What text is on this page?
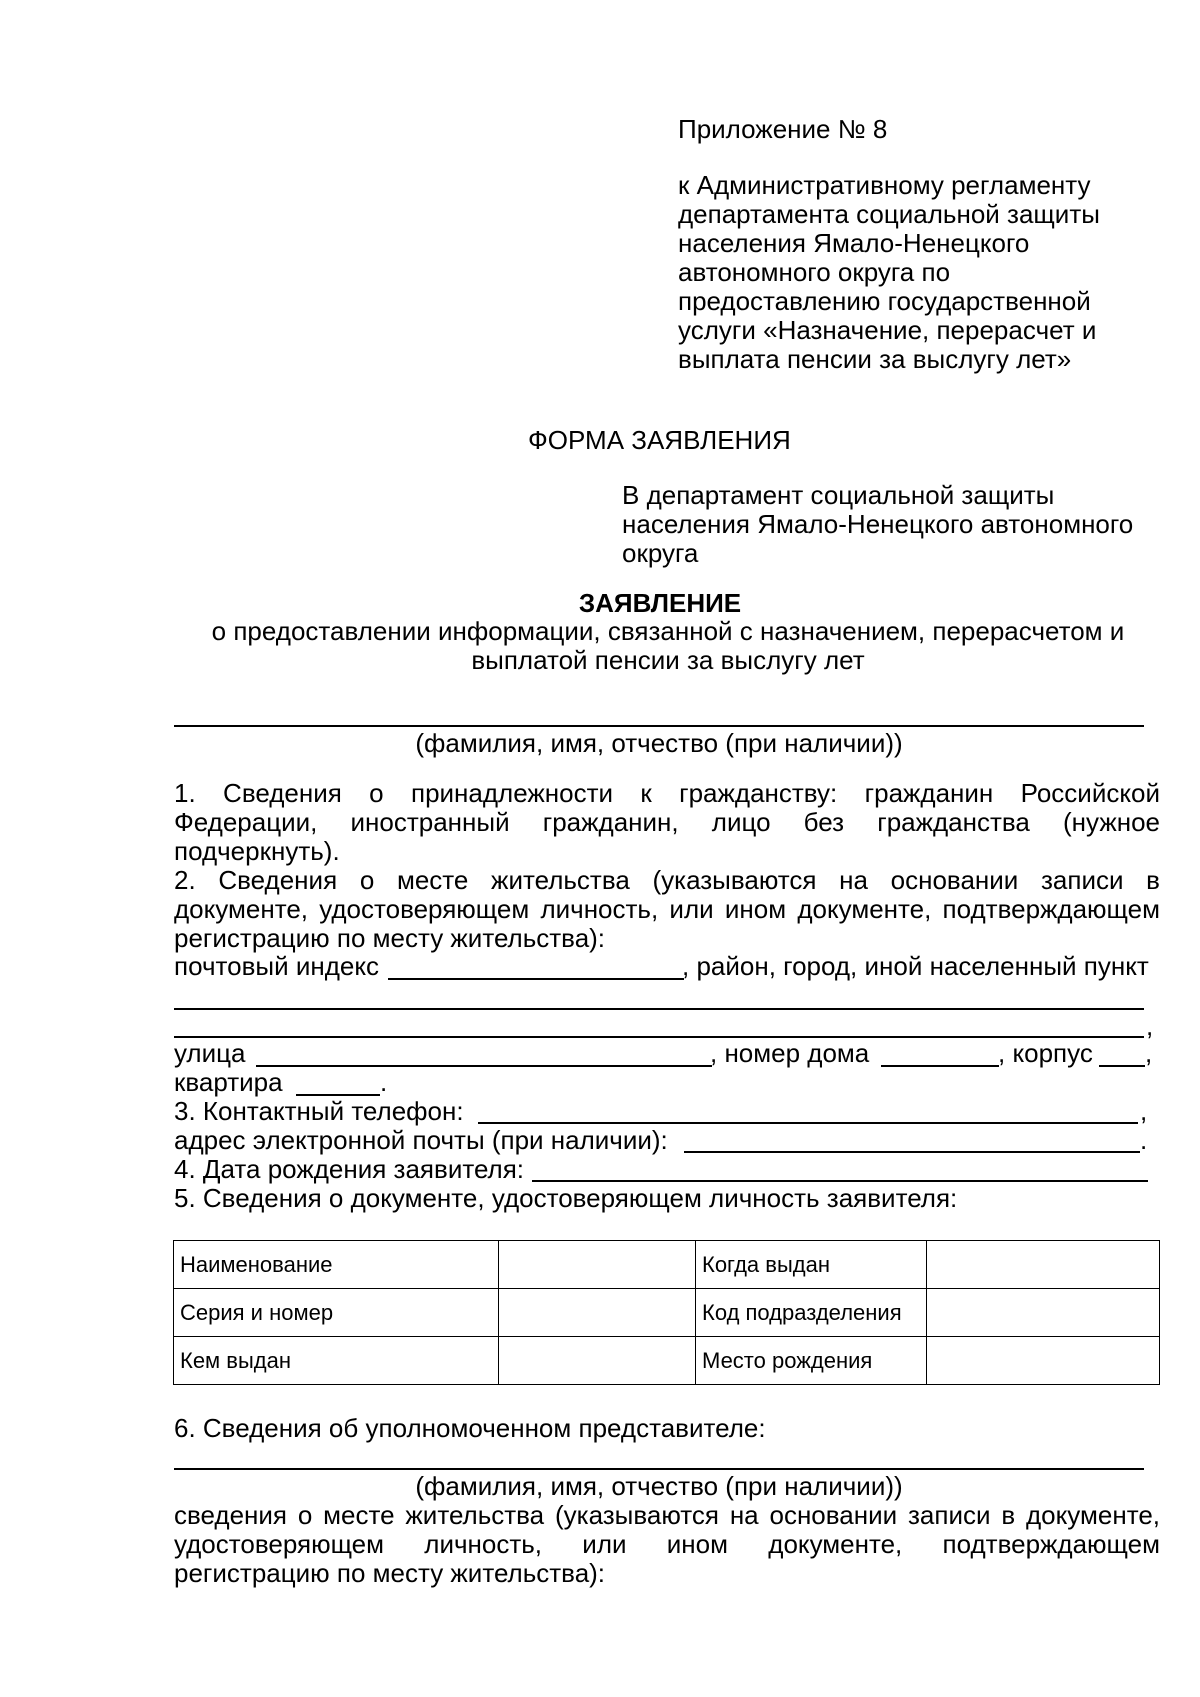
Приложение № 8
к Административному регламенту
департамента социальной защиты
населения Ямало-Ненецкого
автономного округа по
предоставлению государственной
услуги «Назначение, перерасчет и
выплата пенсии за выслугу лет»
ФОРМА ЗАЯВЛЕНИЯ
В департамент социальной защиты
населения Ямало-Ненецкого автономного
округа
ЗАЯВЛЕНИЕ
о предоставлении информации, связанной с назначением, перерасчетом и
выплатой пенсии за выслугу лет
(фамилия, имя, отчество (при наличии))
1. Сведения о принадлежности к гражданству: гражданин Российской
Федерации, иностранный гражданин, лицо без гражданства (нужное
подчеркнуть).
2. Сведения о месте жительства (указываются на основании записи в
документе, удостоверяющем личность, или ином документе, подтверждающем
регистрацию по месту жительства):
почтовый индекс	, район, город, иной населенный пункт
,
улица	, номер дома	, корпус ,
квартира	.
3. Контактный телефон:	,
адрес электронной почты (при наличии):	.
4. Дата рождения заявителя:
5. Сведения о документе, удостоверяющем личность заявителя:
Наименование		Когда выдан	
Серия и номер		Код подразделения	
Кем выдан		Место рождения	
6. Сведения об уполномоченном представителе:
(фамилия, имя, отчество (при наличии))
сведения о месте жительства (указываются на основании записи в документе,
удостоверяющем личность, или ином документе, подтверждающем
регистрацию по месту жительства):
